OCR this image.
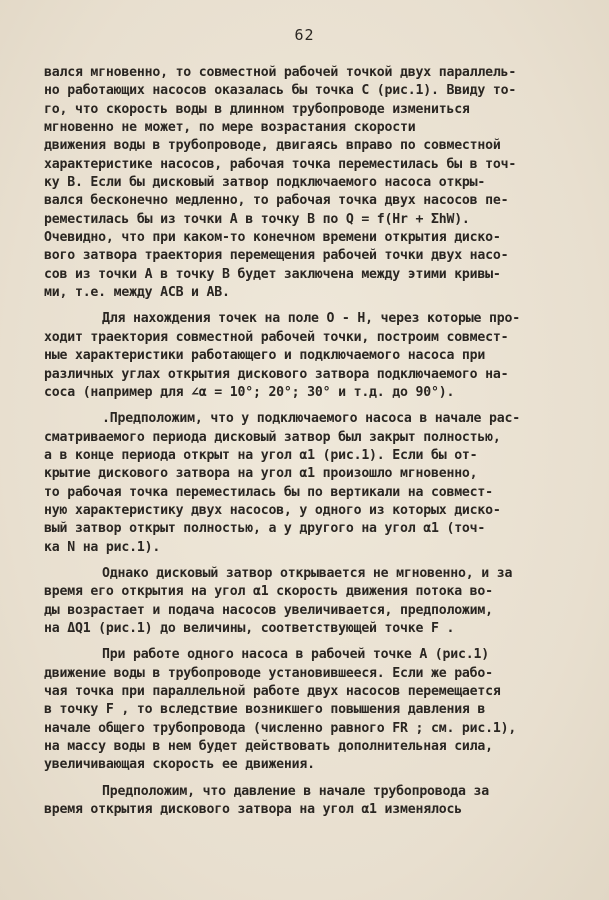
62
вался мгновенно, то совместной рабочей точкой двух параллель-
но работающих насосов оказалась бы точка С (рис.1). Ввиду то-
го, что скорость воды в длинном трубопроводе измениться
мгновенно не может, по мере возрастания скорости
движения воды в трубопроводе, двигаясь вправо по совместной
характеристике насосов, рабочая точка переместилась бы в точ-
ку В. Если бы дисковый затвор подключаемого насоса откры-
вался бесконечно медленно, то рабочая точка двух насосов пе-
реместилась бы из точки А в точку В по Q = f(Hr + ΣhW).
Очевидно, что при каком-то конечном времени открытия диско-
вого затвора траектория перемещения рабочей точки двух насо-
сов из точки А в точку В будет заключена между этими кривы-
ми, т.е. между АСВ и АВ.
Для нахождения точек на поле О - Н, через которые про-
ходит траектория совместной рабочей точки, построим совмест-
ные характеристики работающего и подключаемого насоса при
различных углах открытия дискового затвора подключаемого на-
соса (например для ∠α = 10°; 20°; 30° и т.д. до 90°).
.Предположим, что у подключаемого насоса в начале рас-
сматриваемого периода дисковый затвор был закрыт полностью,
а в конце периода открыт на угол α1 (рис.1). Если бы от-
крытие дискового затвора на угол α1 произошло мгновенно,
то рабочая точка переместилась бы по вертикали на совмест-
ную характеристику двух насосов, у одного из которых диско-
вый затвор открыт полностью, а у другого на угол α1 (точ-
ка N на рис.1).
Однако дисковый затвор открывается не мгновенно, и за
время его открытия на угол α1 скорость движения потока во-
ды возрастает и подача насосов увеличивается, предположим,
на ΔQ1 (рис.1) до величины, соответствующей точке F .
При работе одного насоса в рабочей точке А (рис.1)
движение воды в трубопроводе установившееся. Если же рабо-
чая точка при параллельной работе двух насосов перемещается
в точку F , то вследствие возникшего повышения давления в
начале общего трубопровода (численно равного FR ; см. рис.1),
на массу воды в нем будет действовать дополнительная сила,
увеличивающая скорость ее движения.
Предположим, что давление в начале трубопровода за
время открытия дискового затвора на угол α1 изменялось
